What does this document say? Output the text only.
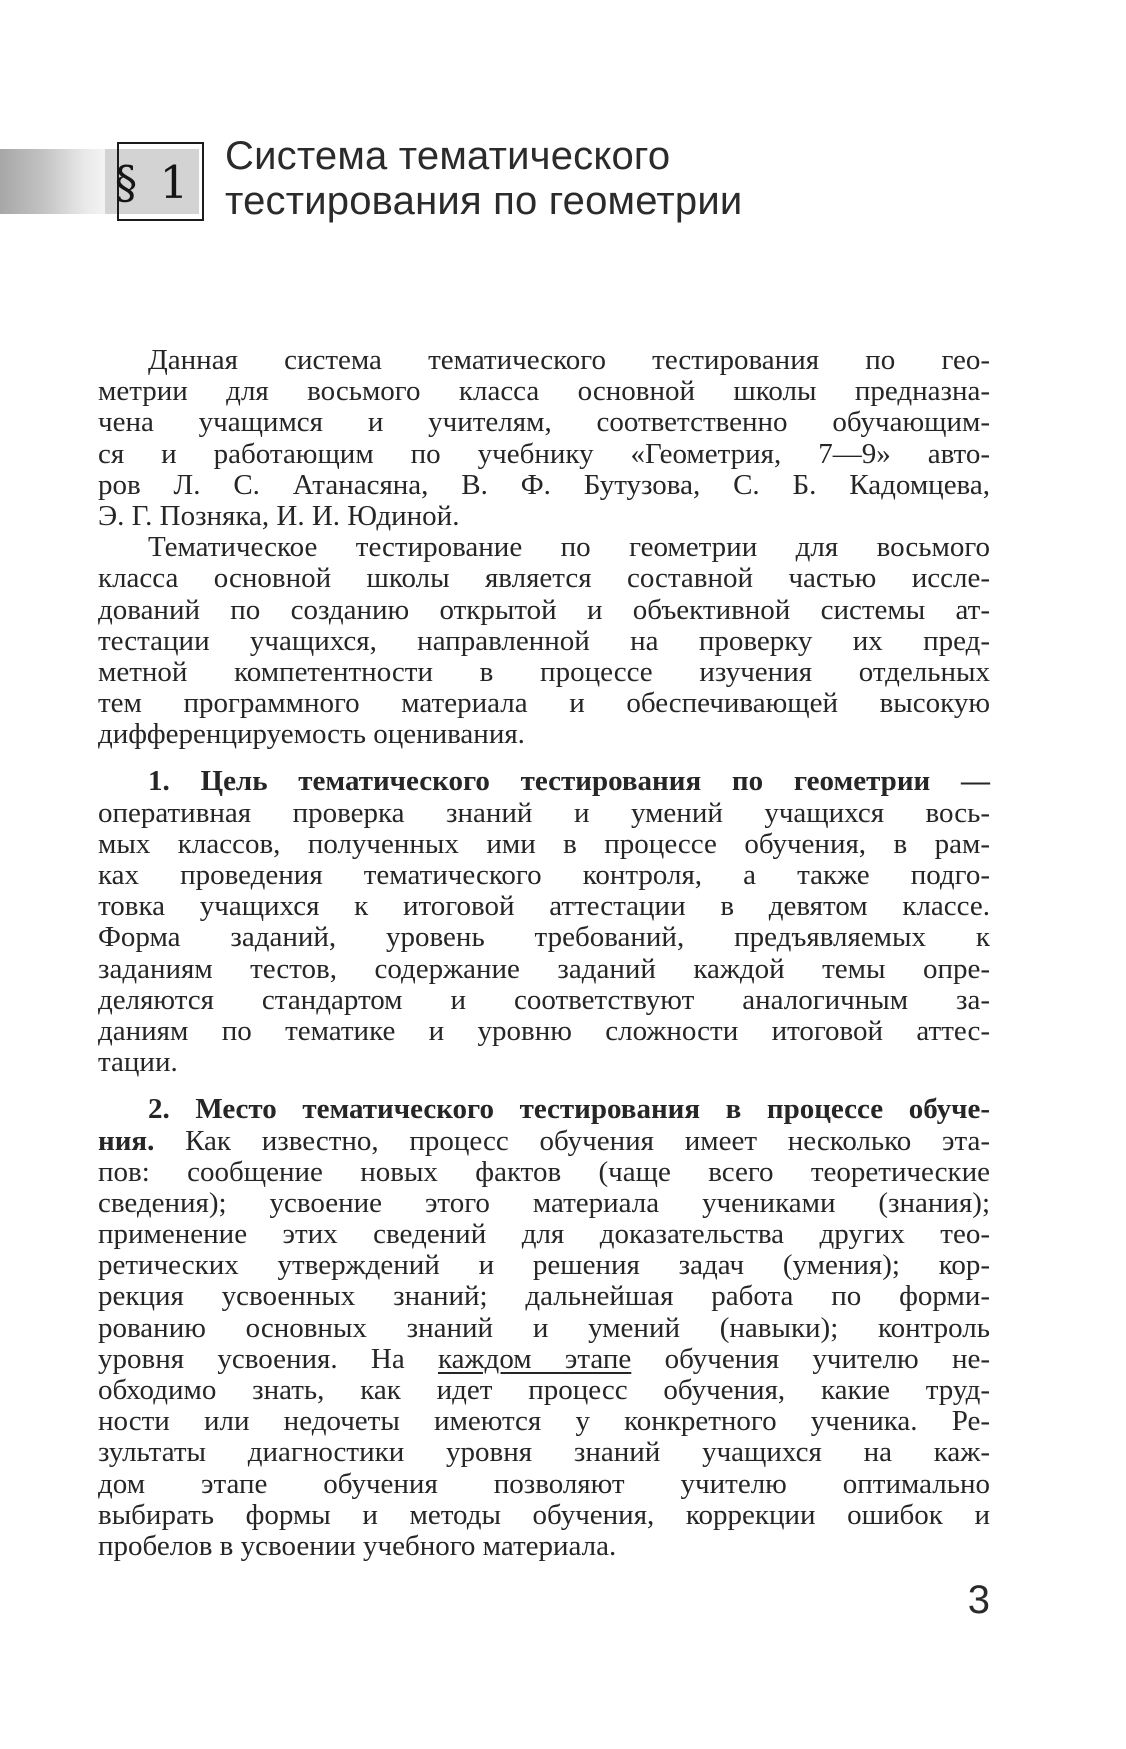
§ 1 Система тематического
тестирования по геометрии
Данная система тематического тестирования по гео-
метрии для восьмого класса основной школы предназна-
чена учащимся и учителям, соответственно обучающим-
ся и работающим по учебнику «Геометрия, 7—9» авто-
ров Л. С. Атанасяна, В. Ф. Бутузова, С. Б. Кадомцева,
Э. Г. Позняка, И. И. Юдиной.
Тематическое тестирование по геометрии для восьмого
класса основной школы является составной частью иссле-
дований по созданию открытой и объективной системы ат-
тестации учащихся, направленной на проверку их пред-
метной компетентности в процессе изучения отдельных
тем программного материала и обеспечивающей высокую
дифференцируемость оценивания.
1. Цель тематического тестирования по геометрии —
оперативная проверка знаний и умений учащихся вось-
мых классов, полученных ими в процессе обучения, в рам-
ках проведения тематического контроля, а также подго-
товка учащихся к итоговой аттестации в девятом классе.
Форма заданий, уровень требований, предъявляемых к
заданиям тестов, содержание заданий каждой темы опре-
деляются стандартом и соответствуют аналогичным за-
даниям по тематике и уровню сложности итоговой аттес-
тации.
2. Место тематического тестирования в процессе обуче-
ния. Как известно, процесс обучения имеет несколько эта-
пов: сообщение новых фактов (чаще всего теоретические
сведения); усвоение этого материала учениками (знания);
применение этих сведений для доказательства других тео-
ретических утверждений и решения задач (умения); кор-
рекция усвоенных знаний; дальнейшая работа по форми-
рованию основных знаний и умений (навыки); контроль
уровня усвоения. На каждом этапе обучения учителю не-
обходимо знать, как идет процесс обучения, какие труд-
ности или недочеты имеются у конкретного ученика. Ре-
зультаты диагностики уровня знаний учащихся на каж-
дом этапе обучения позволяют учителю оптимально
выбирать формы и методы обучения, коррекции ошибок и
пробелов в усвоении учебного материала.
3
